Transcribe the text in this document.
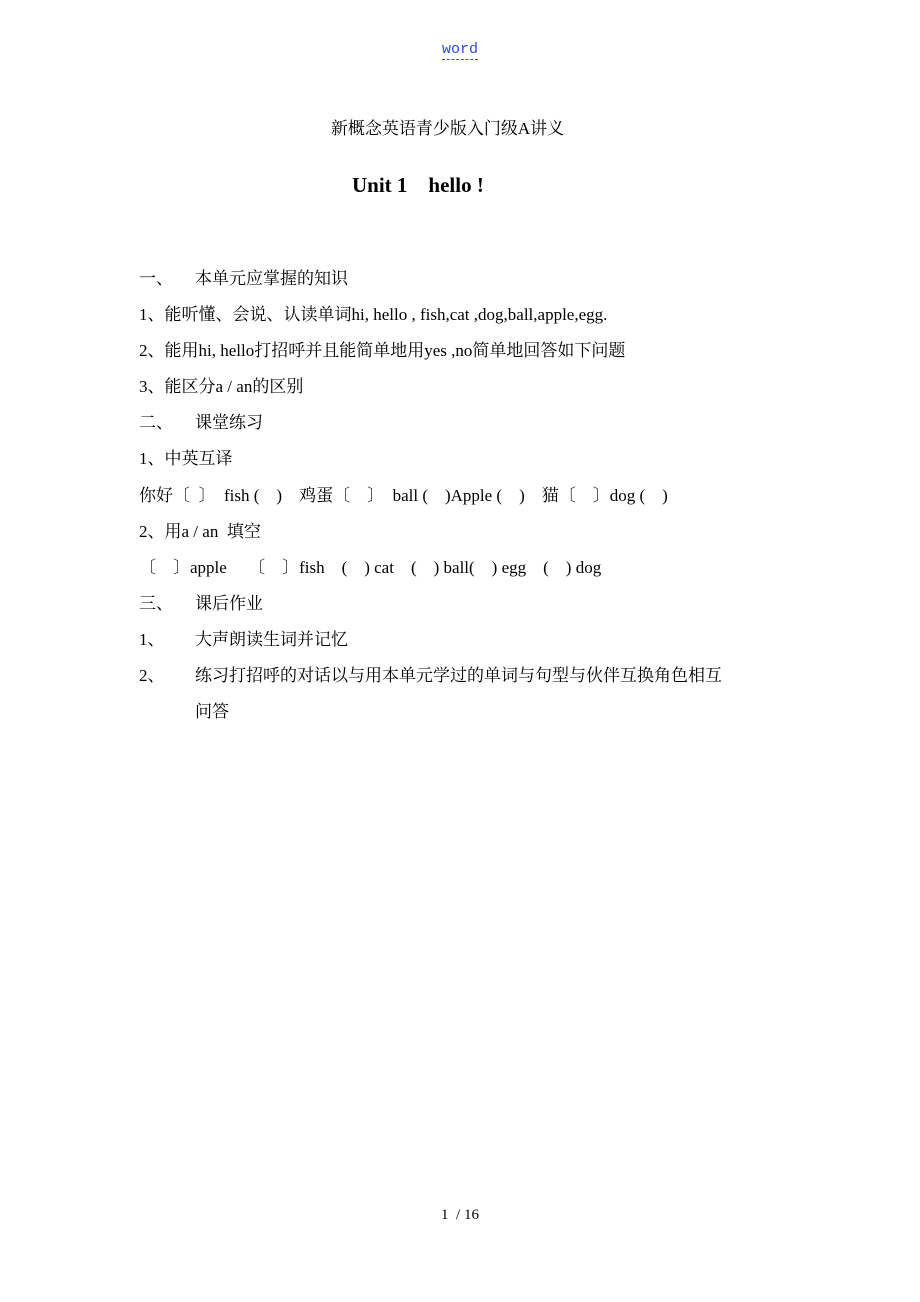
word
新概念英语青少版入门级A讲义
Unit 1    hello !
一、 本单元应掌握的知识
1、能听懂、会说、认读单词hi, hello , fish,cat ,dog,ball,apple,egg.
2、能用hi, hello打招呼并且能简单地用yes ,no简单地回答如下问题
3、能区分a / an的区别
二、 课堂练习
1、中英互译
你好〔  〕  fish (    )    鸡蛋〔    〕  ball (    )Apple (    )    猫〔    〕dog (    )
2、用a / an  填空
〔    〕apple     〔    〕fish    (    ) cat    (    ) ball(    ) egg    (    ) dog
三、 课后作业
1、 大声朗读生词并记忆
2、 练习打招呼的对话以与用本单元学过的单词与句型与伙伴互换角色相互
问答
1  / 16
